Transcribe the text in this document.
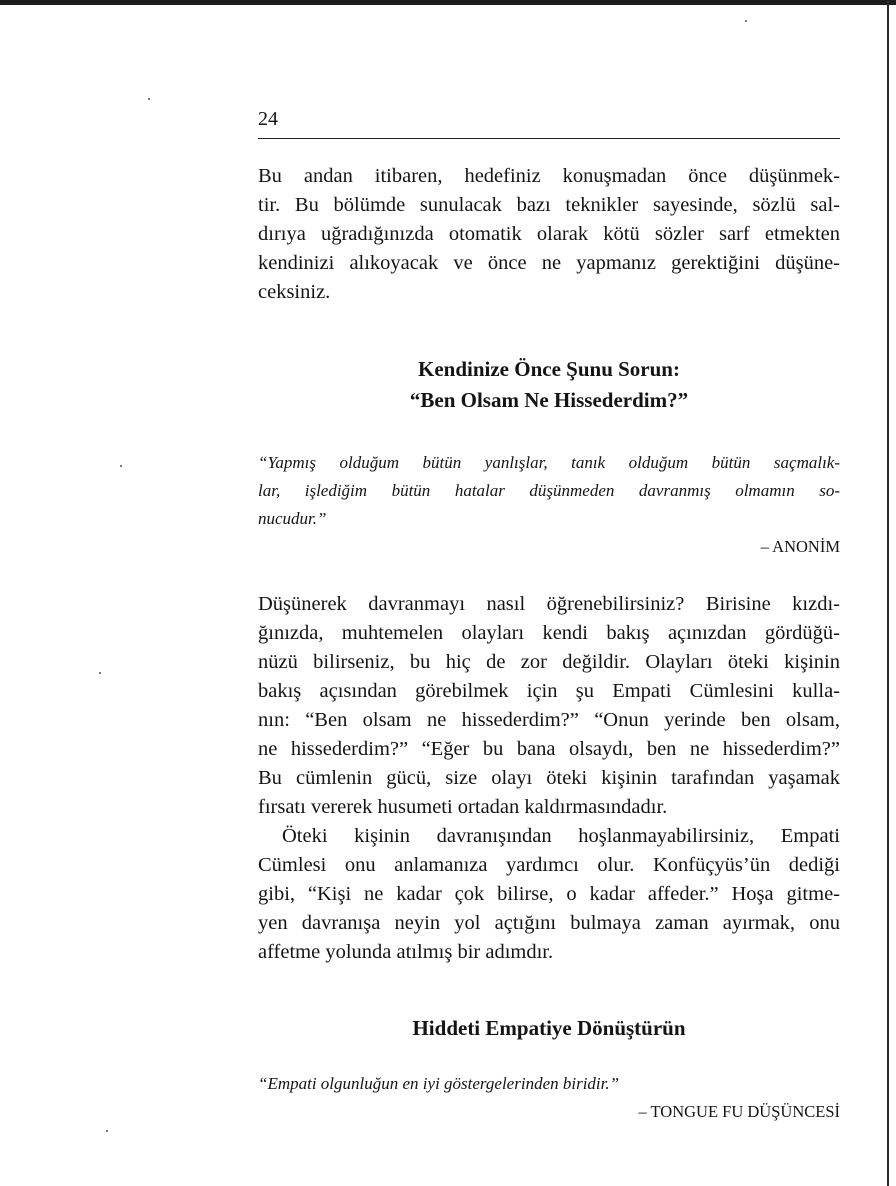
24
Bu andan itibaren, hedefiniz konuşmadan önce düşünmek-
tir. Bu bölümde sunulacak bazı teknikler sayesinde, sözlü sal-
dırıya uğradığınızda otomatik olarak kötü sözler sarf etmekten
kendinizi alıkoyacak ve önce ne yapmanız gerektiğini düşüne-
ceksiniz.
Kendinize Önce Şunu Sorun:
“Ben Olsam Ne Hissederdim?”
“Yapmış olduğum bütün yanlışlar, tanık olduğum bütün saçmalık-
lar, işlediğim bütün hatalar düşünmeden davranmış olmamın so-
nucudur.”
– ANONİM
Düşünerek davranmayı nasıl öğrenebilirsiniz? Birisine kızdı-
ğınızda, muhtemelen olayları kendi bakış açınızdan gördüğü-
nüzü bilirseniz, bu hiç de zor değildir. Olayları öteki kişinin
bakış açısından görebilmek için şu Empati Cümlesini kulla-
nın: “Ben olsam ne hissederdim?” “Onun yerinde ben olsam,
ne hissederdim?” “Eğer bu bana olsaydı, ben ne hissederdim?”
Bu cümlenin gücü, size olayı öteki kişinin tarafından yaşamak
fırsatı vererek husumeti ortadan kaldırmasındadır.
Öteki kişinin davranışından hoşlanmayabilirsiniz, Empati
Cümlesi onu anlamanıza yardımcı olur. Konfüçyüs’ün dediği
gibi, “Kişi ne kadar çok bilirse, o kadar affeder.” Hoşa gitme-
yen davranışa neyin yol açtığını bulmaya zaman ayırmak, onu
affetme yolunda atılmış bir adımdır.
Hiddeti Empatiye Dönüştürün
“Empati olgunluğun en iyi göstergelerinden biridir.”
– TONGUE FU DÜŞÜNCESİ
